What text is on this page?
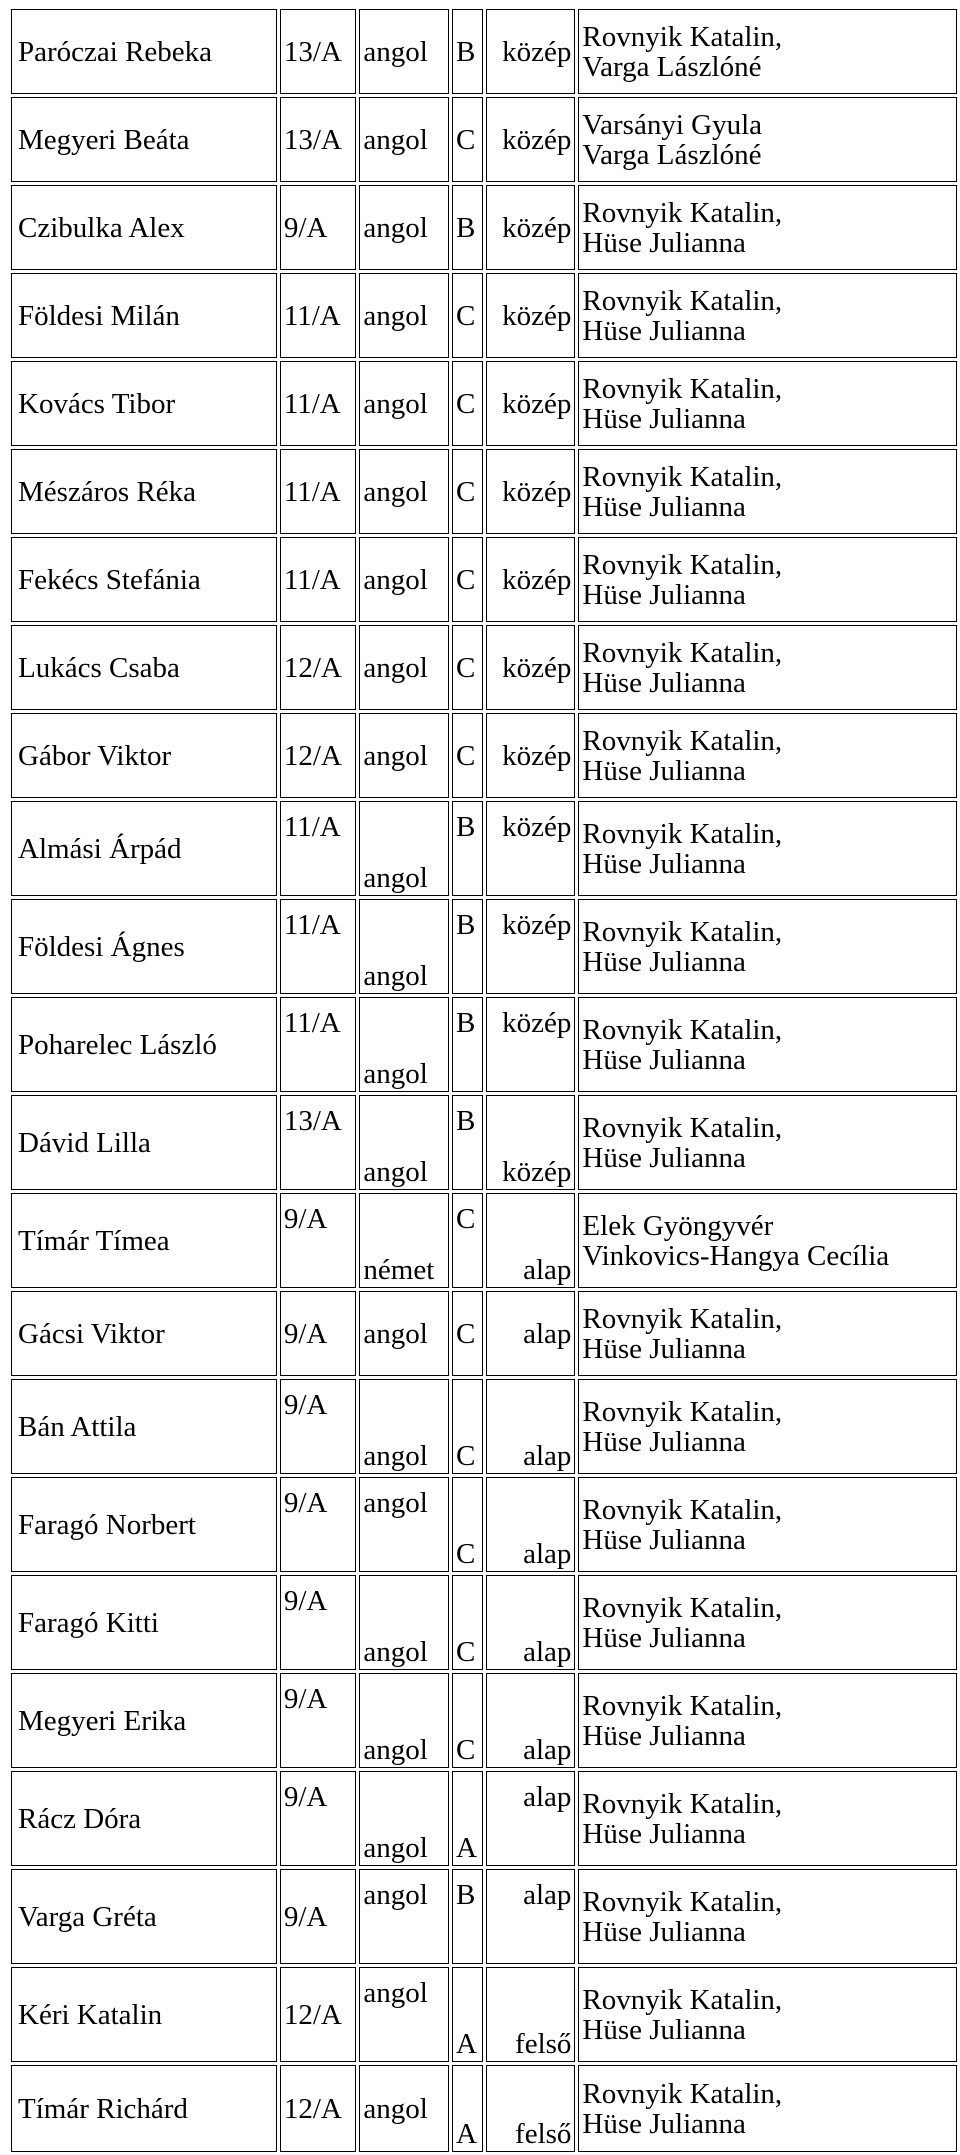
Paróczai Rebeka	13/A	angol	B	közép	Rovnyik Katalin,
Varga Lászlóné

Megyeri Beáta	13/A	angol	C	közép	Varsányi Gyula
Varga Lászlóné

Czibulka Alex	9/A	angol	B	közép	Rovnyik Katalin,
Hüse Julianna

Földesi Milán	11/A	angol	C	közép	Rovnyik Katalin,
Hüse Julianna

Kovács Tibor	11/A	angol	C	közép	Rovnyik Katalin,
Hüse Julianna

Mészáros Réka	11/A	angol	C	közép	Rovnyik Katalin,
Hüse Julianna

Fekécs Stefánia	11/A	angol	C	közép	Rovnyik Katalin,
Hüse Julianna

Lukács Csaba	12/A	angol	C	közép	Rovnyik Katalin,
Hüse Julianna

Gábor Viktor	12/A	angol	C	közép	Rovnyik Katalin,
Hüse Julianna

Almási Árpád	11/A	angol	B	közép	Rovnyik Katalin,
Hüse Julianna

Földesi Ágnes	11/A	angol	B	közép	Rovnyik Katalin,
Hüse Julianna

Poharelec László	11/A	angol	B	közép	Rovnyik Katalin,
Hüse Julianna

Dávid Lilla	13/A	angol	B	közép	Rovnyik Katalin,
Hüse Julianna

Tímár Tímea	9/A	német	C	alap	Elek Gyöngyvér
Vinkovics-Hangya Cecília

Gácsi Viktor	9/A	angol	C	alap	Rovnyik Katalin,
Hüse Julianna

Bán Attila	9/A	angol	C	alap	Rovnyik Katalin,
Hüse Julianna

Faragó Norbert	9/A	angol	C	alap	Rovnyik Katalin,
Hüse Julianna

Faragó Kitti	9/A	angol	C	alap	Rovnyik Katalin,
Hüse Julianna

Megyeri Erika	9/A	angol	C	alap	Rovnyik Katalin,
Hüse Julianna

Rácz Dóra	9/A	angol	A	alap	Rovnyik Katalin,
Hüse Julianna

Varga Gréta	9/A	angol	B	alap	Rovnyik Katalin,
Hüse Julianna

Kéri Katalin	12/A	angol	A	felső	Rovnyik Katalin,
Hüse Julianna

Tímár Richárd	12/A	angol	A	felső	Rovnyik Katalin,
Hüse Julianna
